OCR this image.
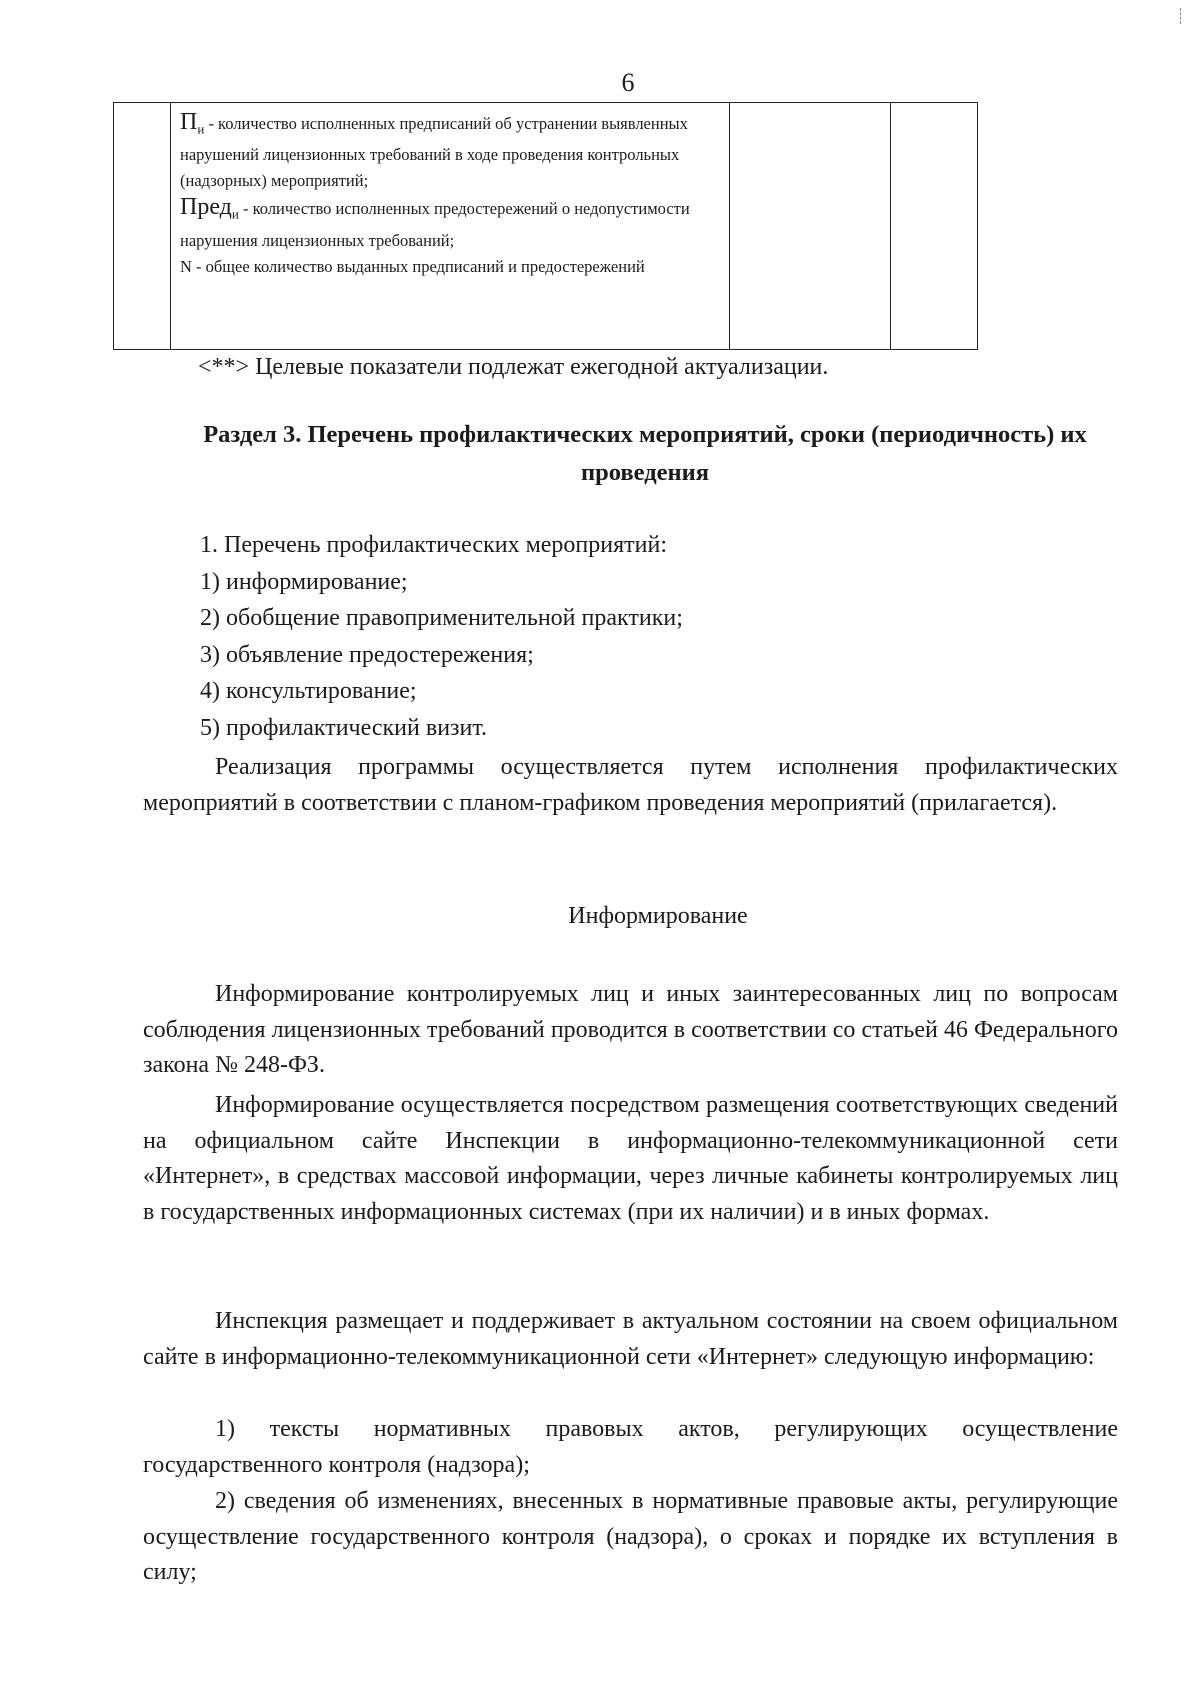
6

$П_и$ - количество исполненных предписаний об устранении выявленных нарушений лицензионных требований в ходе проведения контрольных (надзорных) мероприятий;

Пред$_и$ - количество исполненных предостережений о недопустимости нарушения лицензионных требований;

N - общее количество выданных предписаний и предостережений

<**> Целевые показатели подлежат ежегодной актуализации.
Раздел 3. Перечень профилактических мероприятий, сроки (периодичность) их проведения

1. Перечень профилактических мероприятий:

1) информирование;

2) обобщение правоприменительной практики;

3) объявление предостережения;

4) консультирование;

5) профилактический визит.

Реализация программы осуществляется путем исполнения профилактических мероприятий в соответствии с планом-графиком проведения мероприятий (прилагается).
Информирование
Информирование контролируемых лиц и иных заинтересованных лиц по вопросам соблюдения лицензионных требований проводится в соответствии со статьей 46 Федерального закона № 248-ФЗ.
Информирование осуществляется посредством размещения соответствующих сведений на официальном сайте Инспекции в информационно-телекоммуникационной сети «Интернет», в средствах массовой информации, через личные кабинеты контролируемых лиц в государственных информационных системах (при их наличии) и в иных формах.
Инспекция размещает и поддерживает в актуальном состоянии на своем официальном сайте в информационно-телекоммуникационной сети «Интернет» следующую информацию:
1) тексты нормативных правовых актов, регулирующих осуществление государственного контроля (надзора);
2) сведения об изменениях, внесенных в нормативные правовые акты, регулирующие осуществление государственного контроля (надзора), о сроках и порядке их вступления в силу;
